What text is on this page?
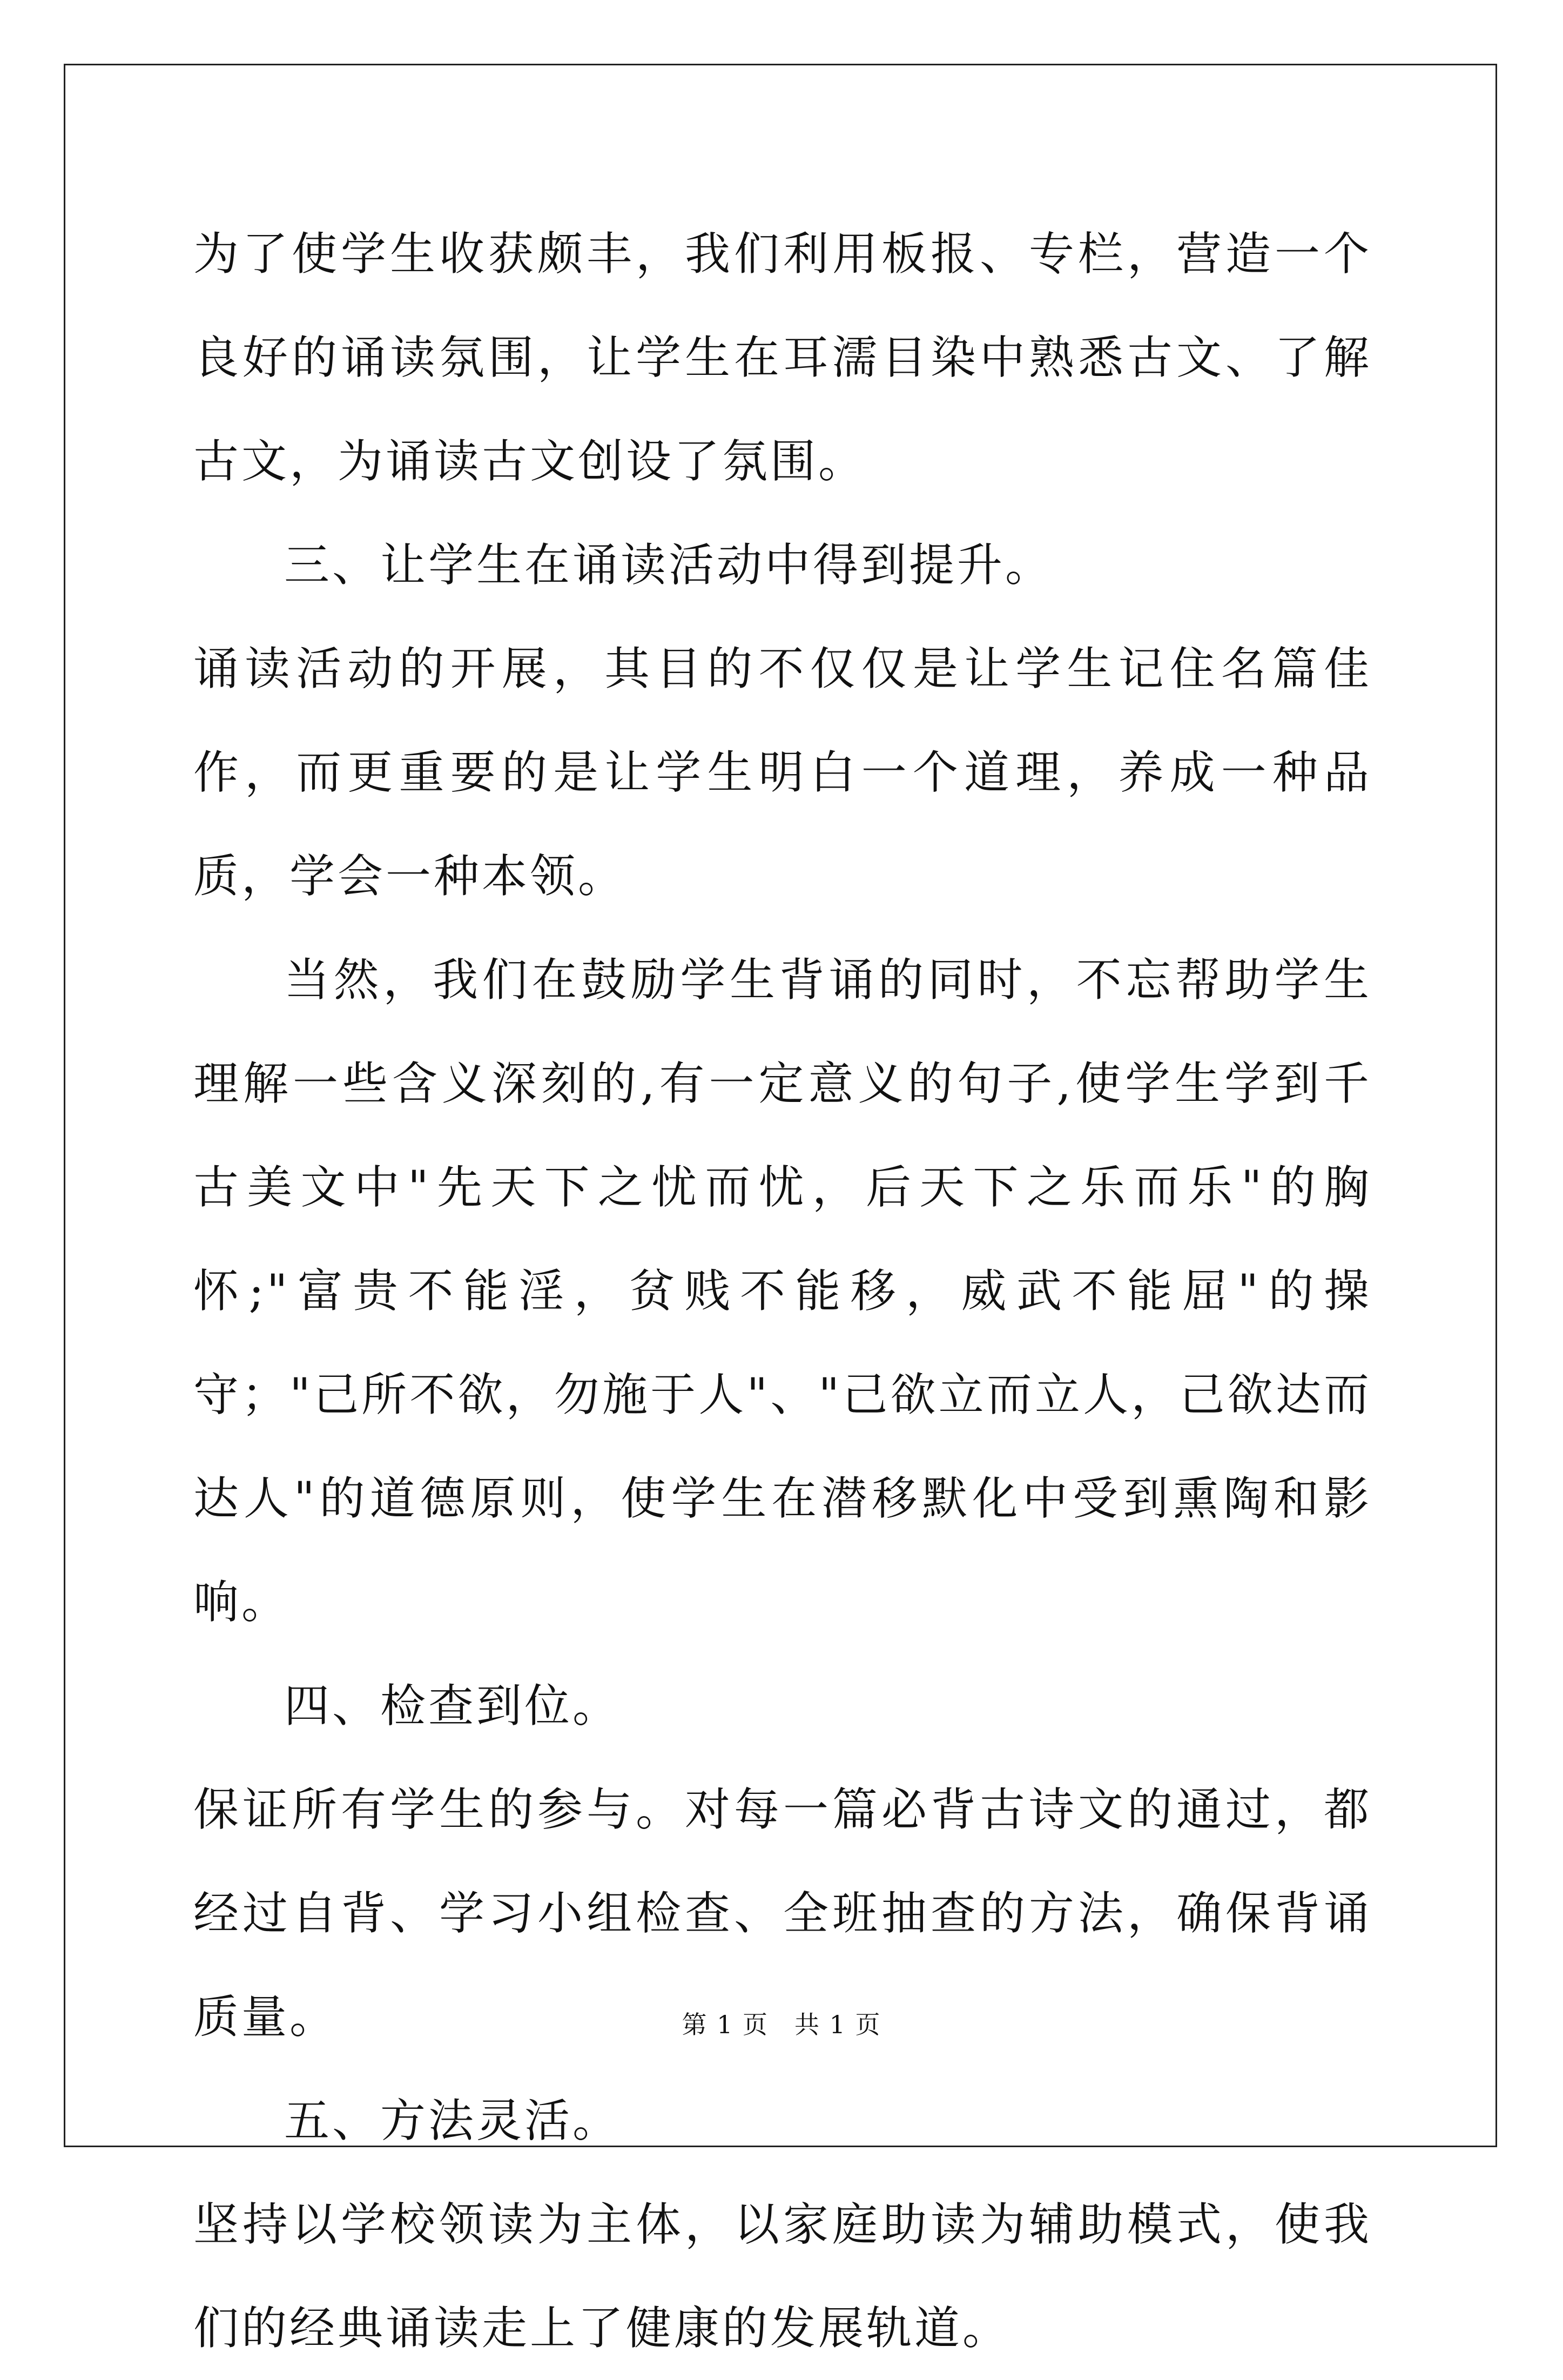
为了使学生收获颇丰，我们利用板报、专栏，营造一个良好的诵读氛围，让学生在耳濡目染中熟悉古文、了解古文，为诵读古文创设了氛围。

三、让学生在诵读活动中得到提升。

诵读活动的开展，其目的不仅仅是让学生记住名篇佳作，而更重要的是让学生明白一个道理，养成一种品质，学会一种本领。

当然，我们在鼓励学生背诵的同时，不忘帮助学生理解一些含义深刻的,有一定意义的句子,使学生学到千古美文中"先天下之忧而忧，后天下之乐而乐"的胸怀;"富贵不能淫，贫贱不能移，威武不能屈"的操守；"己所不欲，勿施于人"、"己欲立而立人，己欲达而达人"的道德原则，使学生在潜移默化中受到熏陶和影响。

四、检查到位。

保证所有学生的参与。对每一篇必背古诗文的通过，都经过自背、学习小组检查、全班抽查的方法，确保背诵质量。

五、方法灵活。

坚持以学校领读为主体，以家庭助读为辅助模式，使我们的经典诵读走上了健康的发展轨道。

第 1 页　共 1 页
